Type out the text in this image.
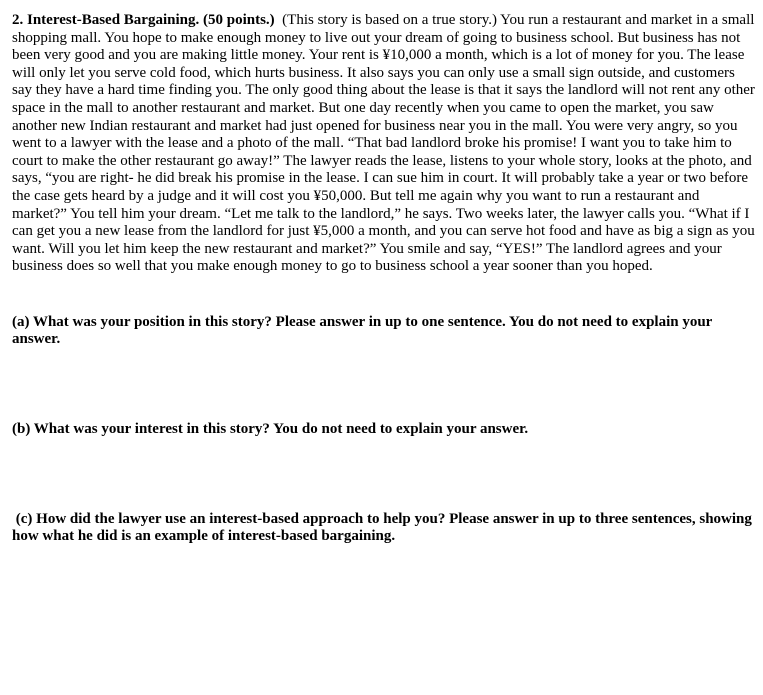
2. Interest-Based Bargaining. (50 points.) (This story is based on a true story.) You run a restaurant and market in a small shopping mall. You hope to make enough money to live out your dream of going to business school. But business has not been very good and you are making little money. Your rent is ¥10,000 a month, which is a lot of money for you. The lease will only let you serve cold food, which hurts business. It also says you can only use a small sign outside, and customers say they have a hard time finding you. The only good thing about the lease is that it says the landlord will not rent any other space in the mall to another restaurant and market. But one day recently when you came to open the market, you saw another new Indian restaurant and market had just opened for business near you in the mall. You were very angry, so you went to a lawyer with the lease and a photo of the mall. “That bad landlord broke his promise! I want you to take him to court to make the other restaurant go away!” The lawyer reads the lease, listens to your whole story, looks at the photo, and says, “you are right- he did break his promise in the lease. I can sue him in court. It will probably take a year or two before the case gets heard by a judge and it will cost you ¥50,000. But tell me again why you want to run a restaurant and market?” You tell him your dream. “Let me talk to the landlord,” he says. Two weeks later, the lawyer calls you. “What if I can get you a new lease from the landlord for just ¥5,000 a month, and you can serve hot food and have as big a sign as you want. Will you let him keep the new restaurant and market?” You smile and say, “YES!” The landlord agrees and your business does so well that you make enough money to go to business school a year sooner than you hoped.

(a) What was your position in this story? Please answer in up to one sentence. You do not need to explain your answer.

(b) What was your interest in this story? You do not need to explain your answer.

(c) How did the lawyer use an interest-based approach to help you? Please answer in up to three sentences, showing how what he did is an example of interest-based bargaining.
